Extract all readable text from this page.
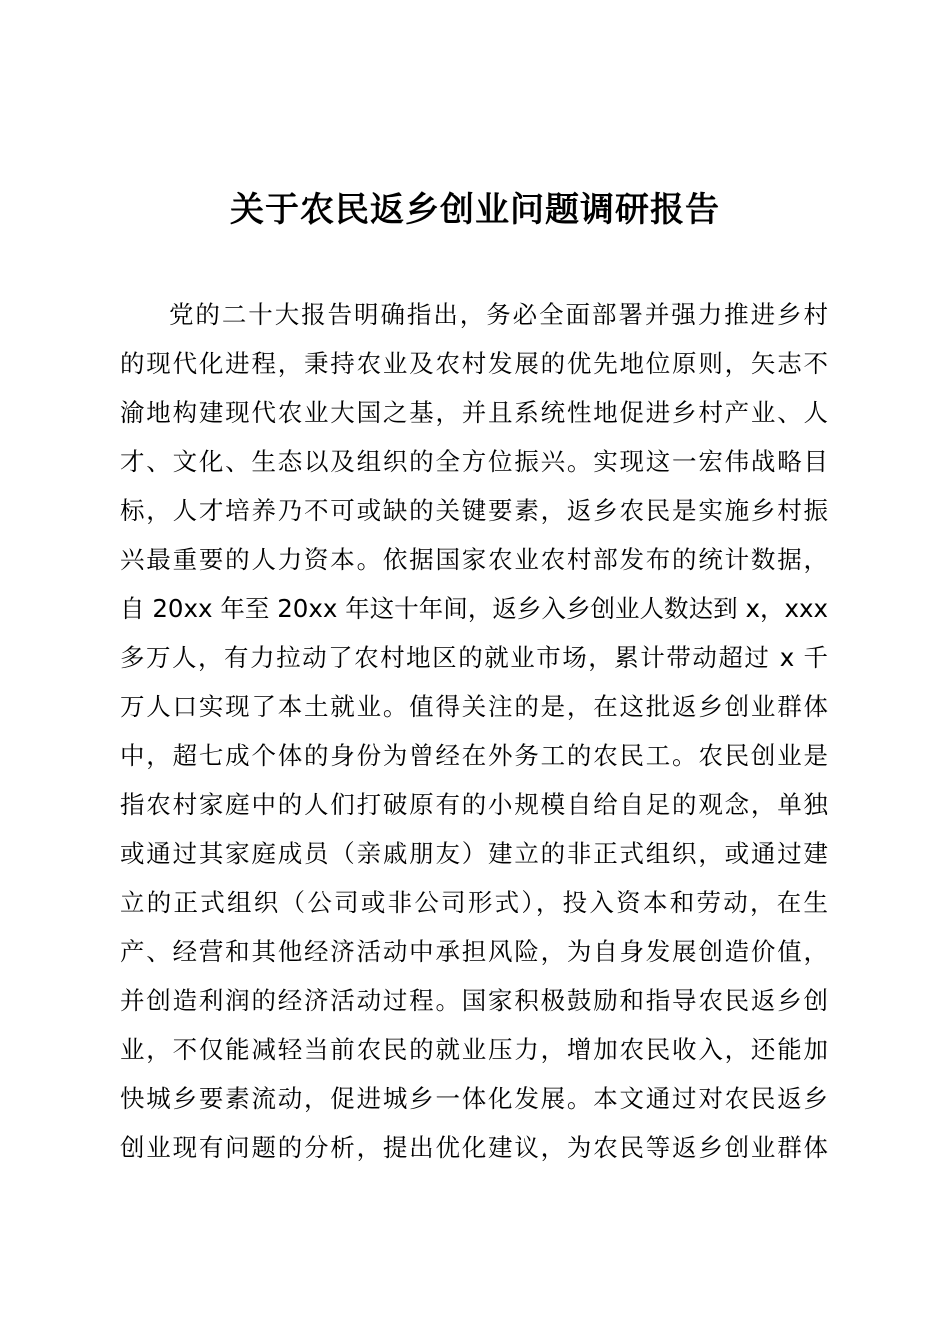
关于农民返乡创业问题调研报告
党的二十大报告明确指出，务必全面部署并强力推进乡村
的现代化进程，秉持农业及农村发展的优先地位原则，矢志不
渝地构建现代农业大国之基，并且系统性地促进乡村产业、人
才、文化、生态以及组织的全方位振兴。实现这一宏伟战略目
标，人才培养乃不可或缺的关键要素，返乡农民是实施乡村振
兴最重要的人力资本。依据国家农业农村部发布的统计数据，
自 20xx 年至 20xx 年这十年间，返乡入乡创业人数达到 x，xxx
多万人，有力拉动了农村地区的就业市场，累计带动超过 x 千
万人口实现了本土就业。值得关注的是，在这批返乡创业群体
中，超七成个体的身份为曾经在外务工的农民工。农民创业是
指农村家庭中的人们打破原有的小规模自给自足的观念，单独
或通过其家庭成员（亲戚朋友）建立的非正式组织，或通过建
立的正式组织（公司或非公司形式），投入资本和劳动，在生
产、经营和其他经济活动中承担风险，为自身发展创造价值，
并创造利润的经济活动过程。国家积极鼓励和指导农民返乡创
业，不仅能减轻当前农民的就业压力，增加农民收入，还能加
快城乡要素流动，促进城乡一体化发展。本文通过对农民返乡
创业现有问题的分析，提出优化建议，为农民等返乡创业群体
